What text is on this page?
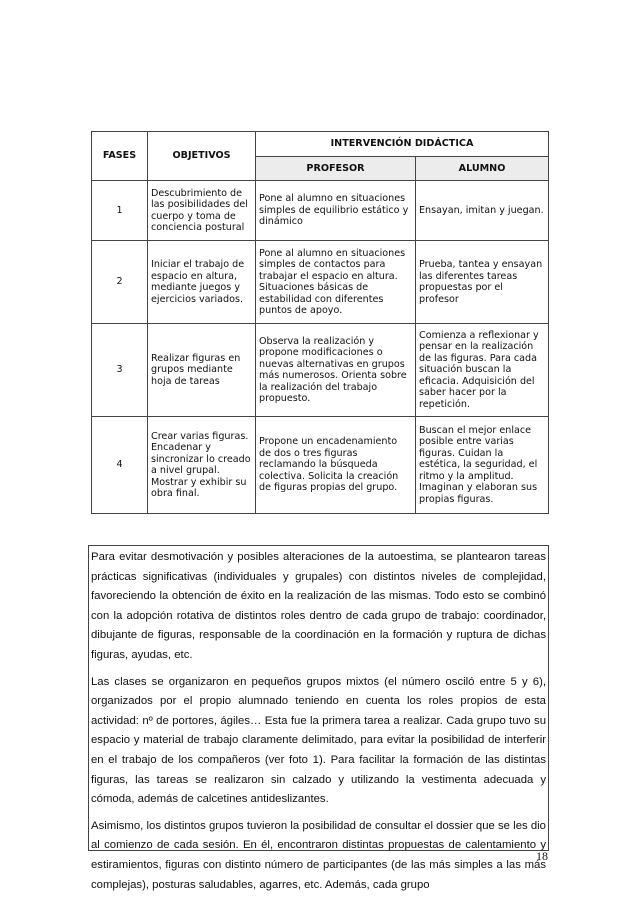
FASES	OBJETIVOS	INTERVENCIÓN DIDÁCTICA	
		PROFESOR	ALUMNO
1	Descubrimiento de las posibilidades del cuerpo y toma de conciencia postural	Pone al alumno en situaciones simples de equilibrio estático y dinámico	Ensayan, imitan y juegan.
2	Iniciar el trabajo de espacio en altura, mediante juegos y ejercicios variados.	Pone al alumno en situaciones simples de contactos para trabajar el espacio en altura. Situaciones básicas de estabilidad con diferentes puntos de apoyo.	Prueba, tantea y ensayan las diferentes tareas propuestas por el profesor
3	Realizar figuras en grupos mediante hoja de tareas	Observa la realización y propone modificaciones o nuevas alternativas en grupos más numerosos. Orienta sobre la realización del trabajo propuesto.	Comienza a reflexionar y pensar en la realización de las figuras. Para cada situación buscan la eficacia. Adquisición del saber hacer por la repetición.
4	Crear varias figuras. Encadenar y sincronizar lo creado a nivel grupal. Mostrar y exhibir su obra final.	Propone un encadenamiento de dos o tres figuras reclamando la búsqueda colectiva. Solicita la creación de figuras propias del grupo.	Buscan el mejor enlace posible entre varias figuras. Cuidan la estética, la seguridad, el ritmo y la amplitud. Imaginan y elaboran sus propias figuras.

Para evitar desmotivación y posibles alteraciones de la autoestima, se plantearon tareas prácticas significativas (individuales y grupales) con distintos niveles de complejidad, favoreciendo la obtención de éxito en la realización de las mismas. Todo esto se combinó con la adopción rotativa de distintos roles dentro de cada grupo de trabajo: coordinador, dibujante de figuras, responsable de la coordinación en la formación y ruptura de dichas figuras, ayudas, etc.

Las clases se organizaron en pequeños grupos mixtos (el número osciló entre 5 y 6), organizados por el propio alumnado teniendo en cuenta los roles propios de esta actividad: nº de portores, ágiles… Esta fue la primera tarea a realizar. Cada grupo tuvo su espacio y material de trabajo claramente delimitado, para evitar la posibilidad de interferir en el trabajo de los compañeros (ver foto 1). Para facilitar la formación de las distintas figuras, las tareas se realizaron sin calzado y utilizando la vestimenta adecuada y cómoda, además de calcetines antideslizantes.

Asimismo, los distintos grupos tuvieron la posibilidad de consultar el dossier que se les dio al comienzo de cada sesión. En él, encontraron distintas propuestas de calentamiento y estiramientos, figuras con distinto número de participantes (de las más simples a las más complejas), posturas saludables, agarres, etc. Además, cada grupo

18
